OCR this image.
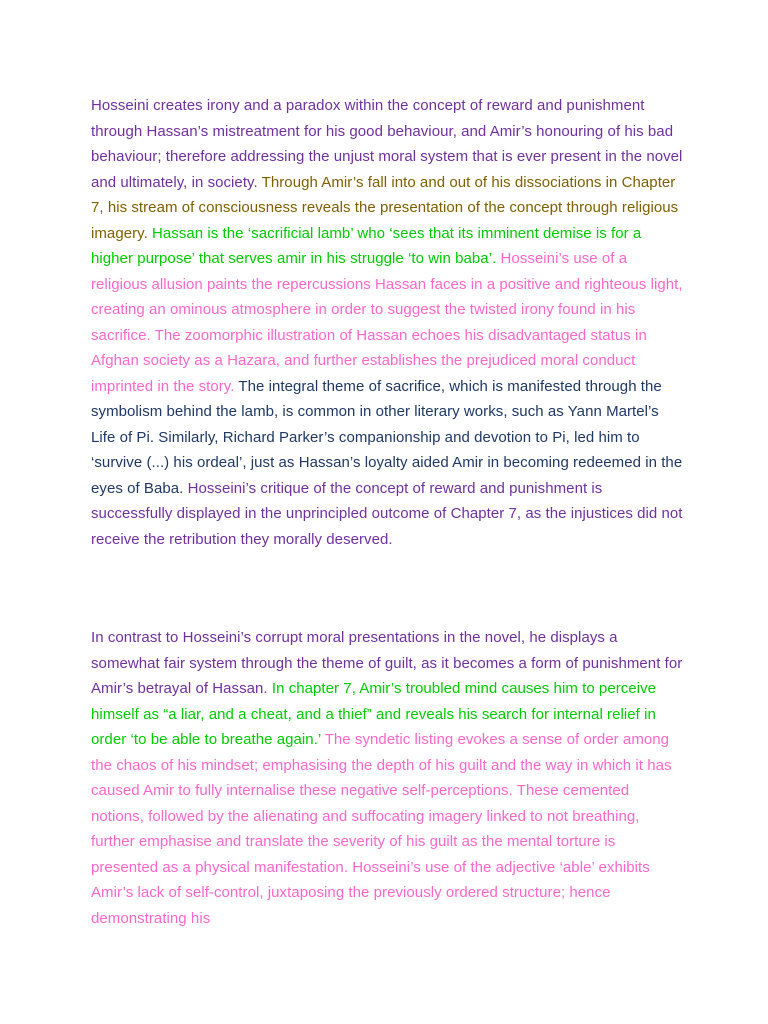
Hosseini creates irony and a paradox within the concept of reward and punishment through Hassan’s mistreatment for his good behaviour, and Amir’s honouring of his bad behaviour; therefore addressing the unjust moral system that is ever present in the novel and ultimately, in society. Through Amir’s fall into and out of his dissociations in Chapter 7, his stream of consciousness reveals the presentation of the concept through religious imagery. Hassan is the ‘sacrificial lamb’ who ‘sees that its imminent demise is for a higher purpose’ that serves amir in his struggle ‘to win baba’. Hosseini’s use of a religious allusion paints the repercussions Hassan faces in a positive and righteous light, creating an ominous atmosphere in order to suggest the twisted irony found in his sacrifice. The zoomorphic illustration of Hassan echoes his disadvantaged status in Afghan society as a Hazara, and further establishes the prejudiced moral conduct imprinted in the story. The integral theme of sacrifice, which is manifested through the symbolism behind the lamb, is common in other literary works, such as Yann Martel’s Life of Pi. Similarly, Richard Parker’s companionship and devotion to Pi, led him to ‘survive (...) his ordeal’, just as Hassan’s loyalty aided Amir in becoming redeemed in the eyes of Baba. Hosseini’s critique of the concept of reward and punishment is successfully displayed in the unprincipled outcome of Chapter 7, as the injustices did not receive the retribution they morally deserved.

In contrast to Hosseini’s corrupt moral presentations in the novel, he displays a somewhat fair system through the theme of guilt, as it becomes a form of punishment for Amir’s betrayal of Hassan. In chapter 7, Amir’s troubled mind causes him to perceive himself as “a liar, and a cheat, and a thief” and reveals his search for internal relief in order ‘to be able to breathe again.’ The syndetic listing evokes a sense of order among the chaos of his mindset; emphasising the depth of his guilt and the way in which it has caused Amir to fully internalise these negative self-perceptions. These cemented notions, followed by the alienating and suffocating imagery linked to not breathing, further emphasise and translate the severity of his guilt as the mental torture is presented as a physical manifestation. Hosseini’s use of the adjective ‘able’ exhibits Amir’s lack of self-control, juxtaposing the previously ordered structure; hence demonstrating his
